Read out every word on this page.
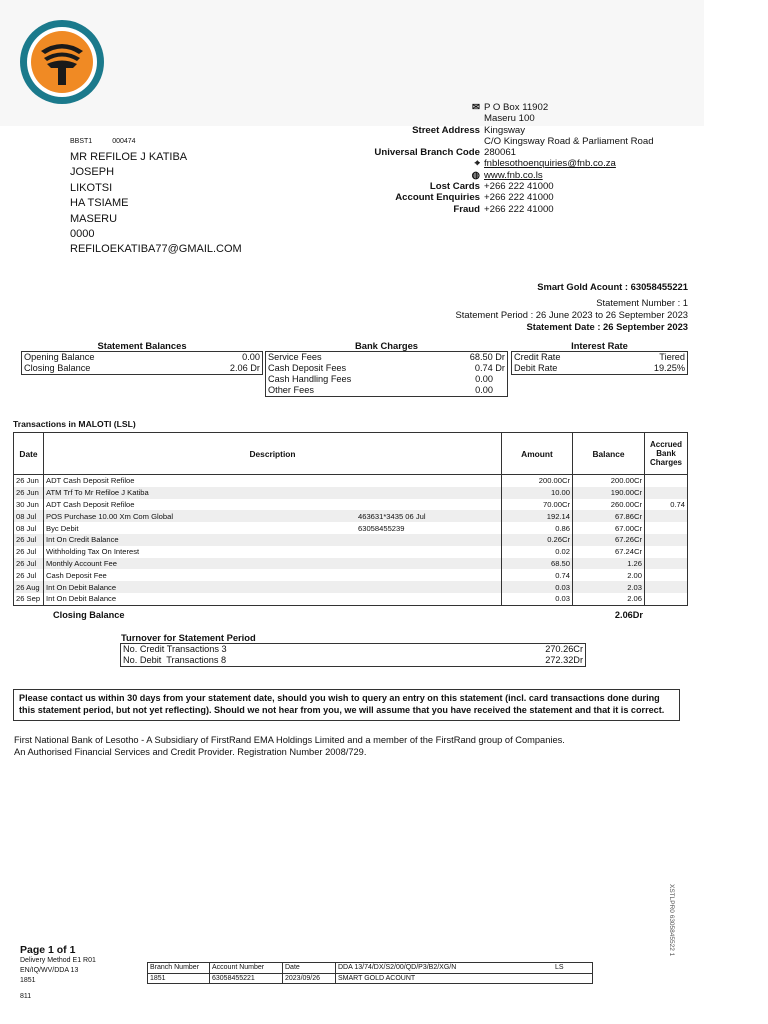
✉ P O Box 11902
Maseru 100
Street Address Kingsway
C/O Kingsway Road & Parliament Road
Universal Branch Code 280061
⌖ fnblesothoenquiries@fnb.co.za
◍ www.fnb.co.ls
Lost Cards +266 222 41000
Account Enquiries +266 222 41000
Fraud +266 222 41000
BBST1	000474
MR REFILOE J KATIBA
JOSEPH
LIKOTSI
HA TSIAME
MASERU
0000
REFILOEKATIBA77@GMAIL.COM
Smart Gold Acount : 63058455221
Statement Number : 1
Statement Period : 26 June 2023 to 26 September 2023
Statement Date : 26 September 2023
Statement Balances
Opening Balance	0.00
Closing Balance	2.06 Dr
Bank Charges
Service Fees	68.50 Dr
Cash Deposit Fees	0.74 Dr
Cash Handling Fees	0.00
Other Fees	0.00
Interest Rate
Credit Rate	Tiered
Debit Rate	19.25%
Transactions in MALOTI (LSL)
Date	Description		Amount	Balance	Accrued Bank Charges
26 Jun	ADT Cash Deposit Refiloe		200.00Cr	200.00Cr	
26 Jun	ATM Trf To Mr Refiloe J Katiba		10.00	190.00Cr	
30 Jun	ADT Cash Deposit Refiloe		70.00Cr	260.00Cr	0.74
08 Jul	POS Purchase 10.00 Xm Com Global	463631*3435 06 Jul	192.14	67.86Cr	
08 Jul	Byc Debit	63058455239	0.86	67.00Cr	
26 Jul	Int On Credit Balance		0.26Cr	67.26Cr	
26 Jul	Withholding Tax On Interest		0.02	67.24Cr	
26 Jul	Monthly Account Fee		68.50	1.26	
26 Jul	Cash Deposit Fee		0.74	2.00	
26 Aug	Int On Debit Balance		0.03	2.03	
26 Sep	Int On Debit Balance		0.03	2.06	
Closing Balance	2.06Dr
Turnover for Statement Period
No. Credit Transactions 3	270.26Cr
No. Debit  Transactions 8	272.32Dr
Please contact us within 30 days from your statement date, should you wish to query an entry on this statement (incl. card transactions done during this statement period, but not yet reflecting). Should we not hear from you, we will assume that you have received the statement and that it is correct.
First National Bank of Lesotho - A Subsidiary of FirstRand EMA Holdings Limited and a member of the FirstRand group of Companies.
An Authorised Financial Services and Credit Provider. Registration Number 2008/729.
XSTLPR0 6305845522 1
Page 1 of 1
Delivery Method E1 R01
EN/IQ/WV/DDA 13
1851
811
Branch Number	Account Number	Date	DDA 13/74/DX/S2/00/QD/P3/B2/XG/N	LS
1851	63058455221	2023/09/26	SMART GOLD ACOUNT	
